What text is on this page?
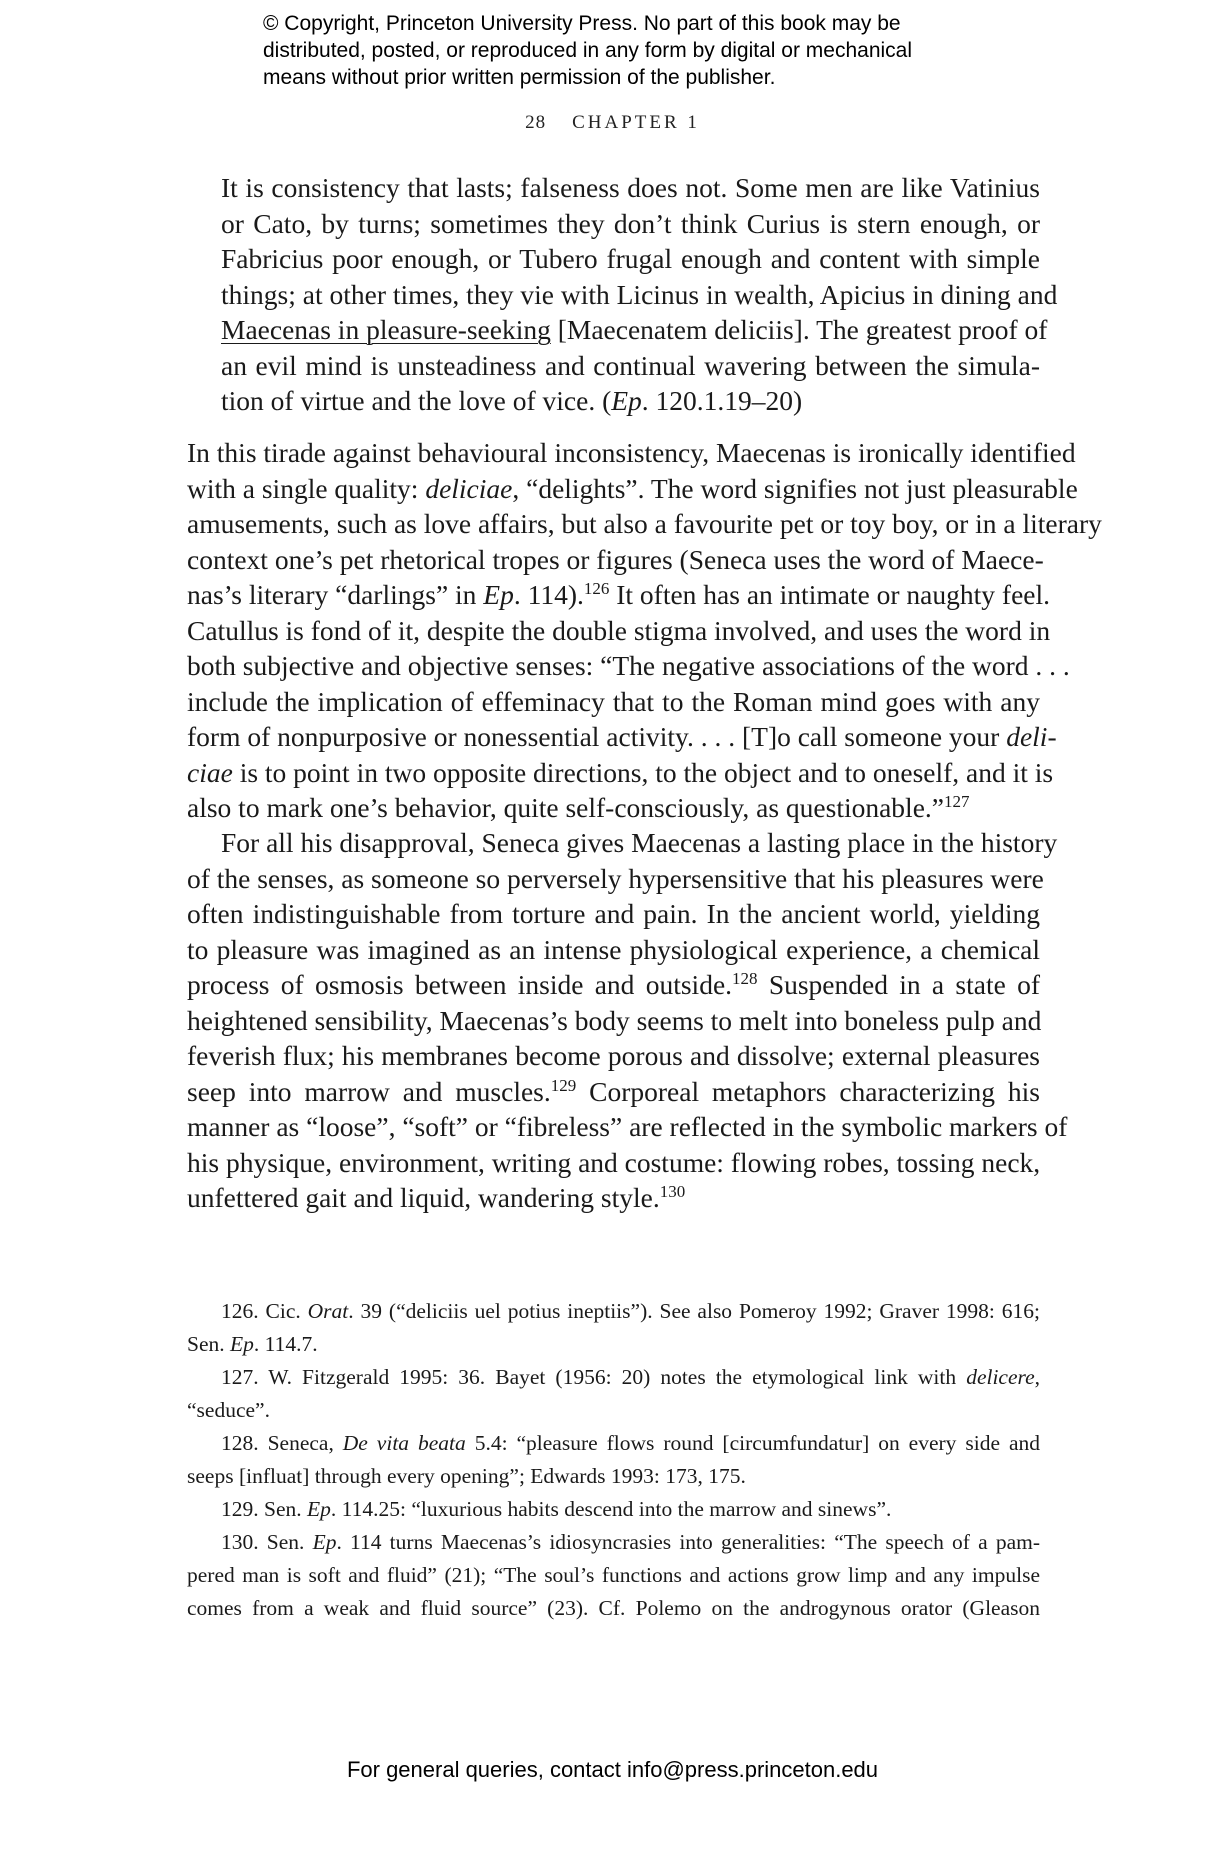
© Copyright, Princeton University Press. No part of this book may be
distributed, posted, or reproduced in any form by digital or mechanical
means without prior written permission of the publisher.
28 CHAPTER 1
It is consistency that lasts; falseness does not. Some men are like Vatinius
or Cato, by turns; sometimes they don’t think Curius is stern enough, or
Fabricius poor enough, or Tubero frugal enough and content with simple
things; at other times, they vie with Licinus in wealth, Apicius in dining and
Maecenas in pleasure-seeking [Maecenatem deliciis]. The greatest proof of
an evil mind is unsteadiness and continual wavering between the simula-
tion of virtue and the love of vice. (Ep. 120.1.19–20)
In this tirade against behavioural inconsistency, Maecenas is ironically identified
with a single quality: deliciae, “delights”. The word signifies not just pleasurable
amusements, such as love affairs, but also a favourite pet or toy boy, or in a literary
context one’s pet rhetorical tropes or figures (Seneca uses the word of Maece-
nas’s literary “darlings” in Ep. 114).$^{126}$ It often has an intimate or naughty feel.
Catullus is fond of it, despite the double stigma involved, and uses the word in
both subjective and objective senses: “The negative associations of the word . . .
include the implication of effeminacy that to the Roman mind goes with any
form of nonpurposive or nonessential activity. . . . [T]o call someone your deli-
ciae is to point in two opposite directions, to the object and to oneself, and it is
also to mark one’s behavior, quite self-consciously, as questionable.”$^{127}$
For all his disapproval, Seneca gives Maecenas a lasting place in the history
of the senses, as someone so perversely hypersensitive that his pleasures were
often indistinguishable from torture and pain. In the ancient world, yielding
to pleasure was imagined as an intense physiological experience, a chemical
process of osmosis between inside and outside.$^{128}$ Suspended in a state of
heightened sensibility, Maecenas’s body seems to melt into boneless pulp and
feverish flux; his membranes become porous and dissolve; external pleasures
seep into marrow and muscles.$^{129}$ Corporeal metaphors characterizing his
manner as “loose”, “soft” or “fibreless” are reflected in the symbolic markers of
his physique, environment, writing and costume: flowing robes, tossing neck,
unfettered gait and liquid, wandering style.$^{130}$
126. Cic. Orat. 39 (“deliciis uel potius ineptiis”). See also Pomeroy 1992; Graver 1998: 616;
Sen. Ep. 114.7.
127. W. Fitzgerald 1995: 36. Bayet (1956: 20) notes the etymological link with delicere,
“seduce”.
128. Seneca, De vita beata 5.4: “pleasure flows round [circumfundatur] on every side and
seeps [influat] through every opening”; Edwards 1993: 173, 175.
129. Sen. Ep. 114.25: “luxurious habits descend into the marrow and sinews”.
130. Sen. Ep. 114 turns Maecenas’s idiosyncrasies into generalities: “The speech of a pam-
pered man is soft and fluid” (21); “The soul’s functions and actions grow limp and any impulse
comes from a weak and fluid source” (23). Cf. Polemo on the androgynous orator (Gleason
For general queries, contact info@press.princeton.edu
